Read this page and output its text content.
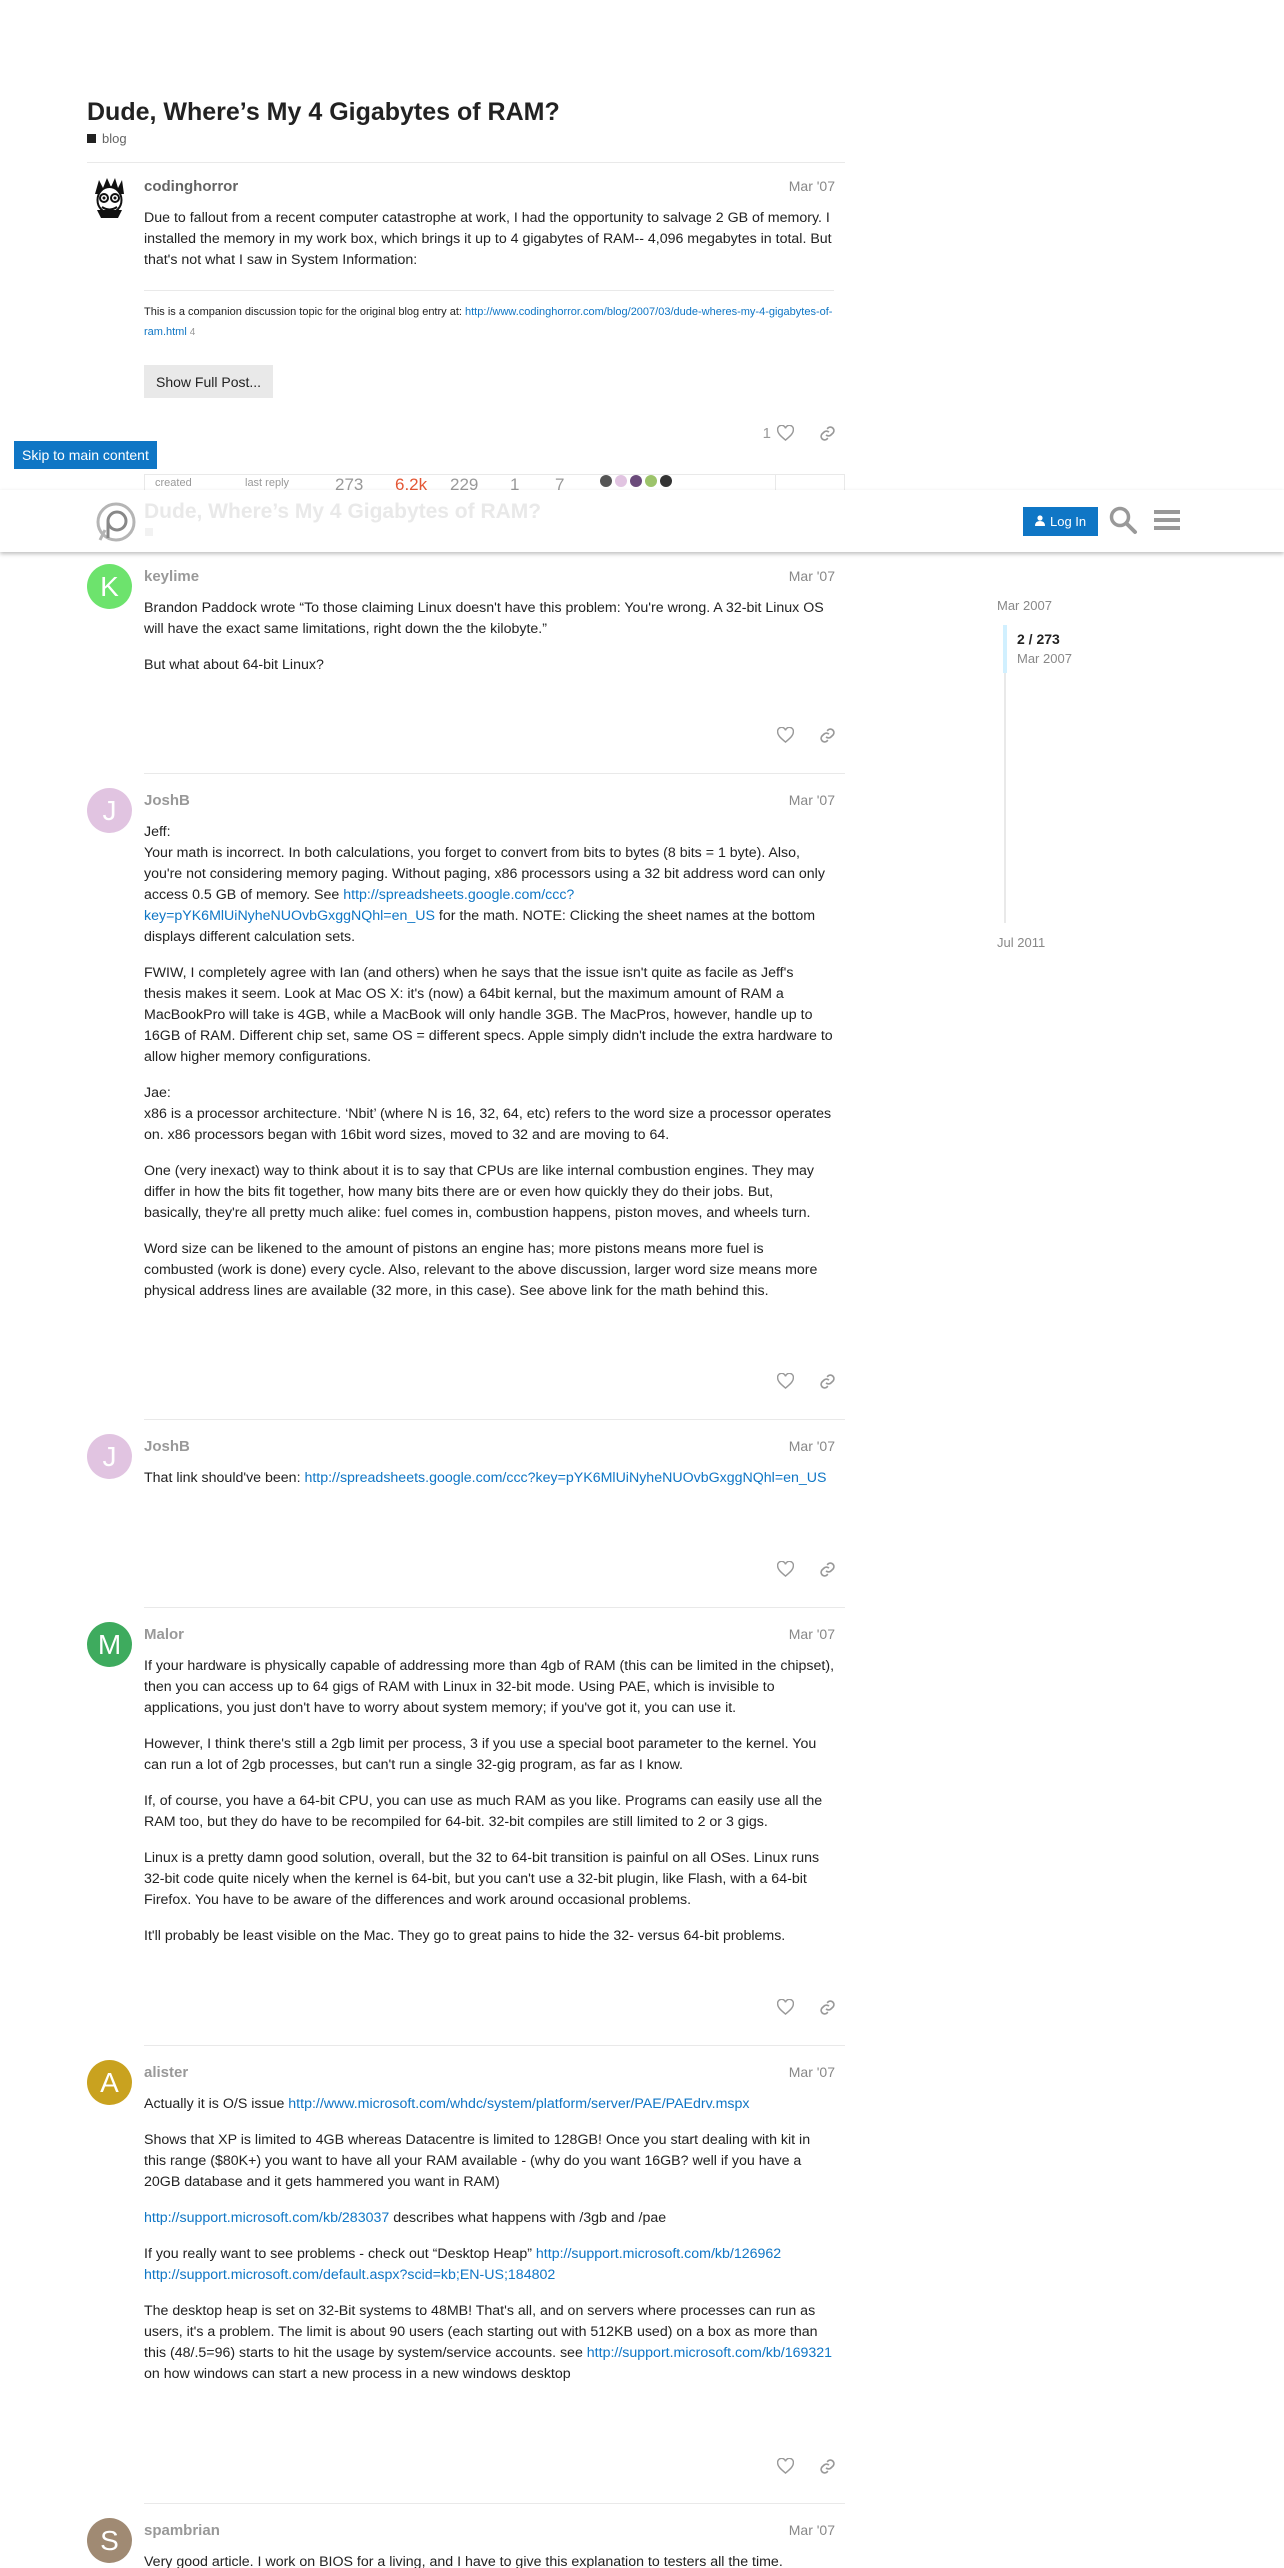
Dude, Where’s My 4 Gigabytes of RAM?
blog
codinghorror	Mar '07
Due to fallout from a recent computer catastrophe at work, I had the opportunity to salvage 2 GB of memory. I installed the memory in my work box, which brings it up to 4 gigabytes of RAM-- 4,096 megabytes in total. But that's not what I saw in System Information:
This is a companion discussion topic for the original blog entry at: http://www.codinghorror.com/blog/2007/03/dude-wheres-my-4-gigabytes-of-ram.html 4
Show Full Post...
1
created	last reply	273 6.2k 229 1 7
Skip to main content
Dude, Where’s My 4 Gigabytes of RAM?	Log In
Mar 2007
2 / 273
Mar 2007
Jul 2011
K	keylime	Mar '07

Brandon Paddock wrote “To those claiming Linux doesn't have this problem: You're wrong. A 32-bit Linux OS will have the exact same limitations, right down the the kilobyte.”

But what about 64-bit Linux?

J	JoshB	Mar '07

Jeff:
Your math is incorrect. In both calculations, you forget to convert from bits to bytes (8 bits = 1 byte). Also, you're not considering memory paging. Without paging, x86 processors using a 32 bit address word can only access 0.5 GB of memory. See http://spreadsheets.google.com/ccc?key=pYK6MlUiNyheNUOvbGxggNQhl=en_US for the math. NOTE: Clicking the sheet names at the bottom displays different calculation sets.

FWIW, I completely agree with Ian (and others) when he says that the issue isn't quite as facile as Jeff's thesis makes it seem. Look at Mac OS X: it's (now) a 64bit kernal, but the maximum amount of RAM a MacBookPro will take is 4GB, while a MacBook will only handle 3GB. The MacPros, however, handle up to 16GB of RAM. Different chip set, same OS = different specs. Apple simply didn't include the extra hardware to allow higher memory configurations.

Jae:
x86 is a processor architecture. ‘Nbit’ (where N is 16, 32, 64, etc) refers to the word size a processor operates on. x86 processors began with 16bit word sizes, moved to 32 and are moving to 64.

One (very inexact) way to think about it is to say that CPUs are like internal combustion engines. They may differ in how the bits fit together, how many bits there are or even how quickly they do their jobs. But, basically, they're all pretty much alike: fuel comes in, combustion happens, piston moves, and wheels turn.

Word size can be likened to the amount of pistons an engine has; more pistons means more fuel is combusted (work is done) every cycle. Also, relevant to the above discussion, larger word size means more physical address lines are available (32 more, in this case). See above link for the math behind this.

J	JoshB	Mar '07

That link should've been: http://spreadsheets.google.com/ccc?key=pYK6MlUiNyheNUOvbGxggNQhl=en_US

M	Malor	Mar '07

If your hardware is physically capable of addressing more than 4gb of RAM (this can be limited in the chipset), then you can access up to 64 gigs of RAM with Linux in 32-bit mode. Using PAE, which is invisible to applications, you just don't have to worry about system memory; if you've got it, you can use it.

However, I think there's still a 2gb limit per process, 3 if you use a special boot parameter to the kernel. You can run a lot of 2gb processes, but can't run a single 32-gig program, as far as I know.

If, of course, you have a 64-bit CPU, you can use as much RAM as you like. Programs can easily use all the RAM too, but they do have to be recompiled for 64-bit. 32-bit compiles are still limited to 2 or 3 gigs.

Linux is a pretty damn good solution, overall, but the 32 to 64-bit transition is painful on all OSes. Linux runs 32-bit code quite nicely when the kernel is 64-bit, but you can't use a 32-bit plugin, like Flash, with a 64-bit Firefox. You have to be aware of the differences and work around occasional problems.

It'll probably be least visible on the Mac. They go to great pains to hide the 32- versus 64-bit problems.

A	alister	Mar '07

Actually it is O/S issue http://www.microsoft.com/whdc/system/platform/server/PAE/PAEdrv.mspx

Shows that XP is limited to 4GB whereas Datacentre is limited to 128GB! Once you start dealing with kit in this range ($80K+) you want to have all your RAM available - (why do you want 16GB? well if you have a 20GB database and it gets hammered you want in RAM)

http://support.microsoft.com/kb/283037 describes what happens with /3gb and /pae

If you really want to see problems - check out “Desktop Heap” http://support.microsoft.com/kb/126962
http://support.microsoft.com/default.aspx?scid=kb;EN-US;184802

The desktop heap is set on 32-Bit systems to 48MB! That's all, and on servers where processes can run as users, it's a problem. The limit is about 90 users (each starting out with 512KB used) on a box as more than this (48/.5=96) starts to hit the usage by system/service accounts. see http://support.microsoft.com/kb/169321 on how windows can start a new process in a new windows desktop

S	spambrian	Mar '07

Very good article. I work on BIOS for a living, and I have to give this explanation to testers all the time.
